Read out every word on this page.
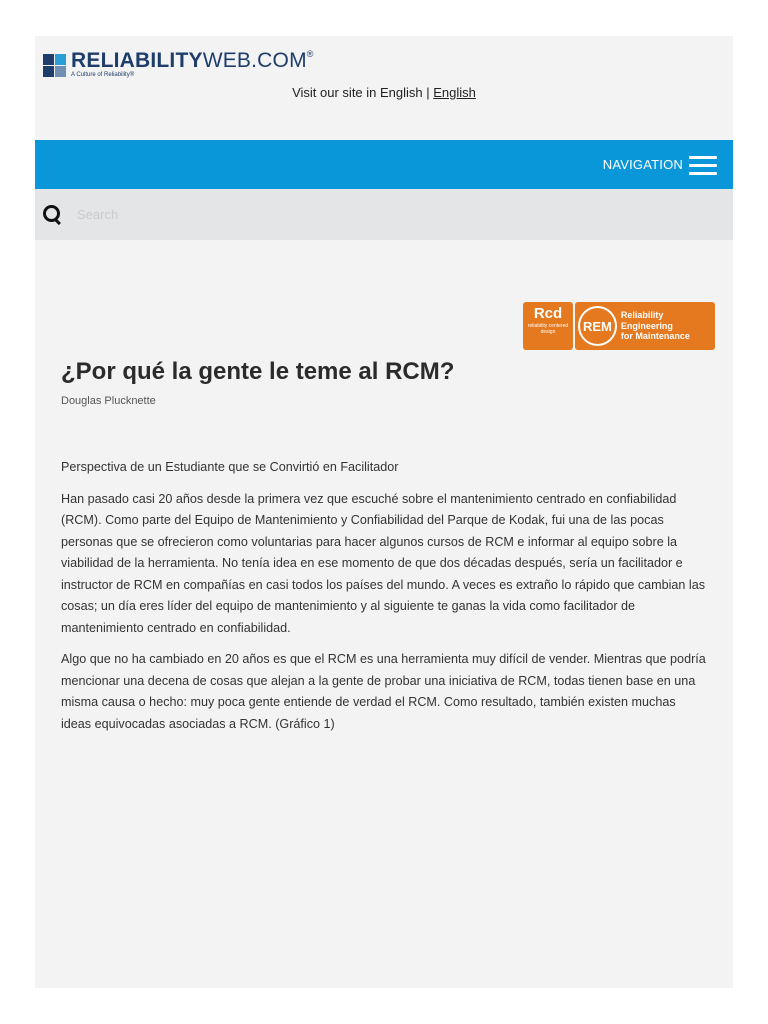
RELIABILITYWEB.COM®
A Culture of Reliability®
Visit our site in English | English
NAVIGATION
Search
Rcd
reliability centered design	REM
Reliability Engineering
for Maintenance
¿Por qué la gente le teme al RCM?
Douglas Plucknette

Perspectiva de un Estudiante que se Convirtió en Facilitador

Han pasado casi 20 años desde la primera vez que escuché sobre el mantenimiento centrado en confiabilidad (RCM). Como parte del Equipo de Mantenimiento y Confiabilidad del Parque de Kodak, fui una de las pocas personas que se ofrecieron como voluntarias para hacer algunos cursos de RCM e informar al equipo sobre la viabilidad de la herramienta. No tenía idea en ese momento de que dos décadas después, sería un facilitador e instructor de RCM en compañías en casi todos los países del mundo. A veces es extraño lo rápido que cambian las cosas; un día eres líder del equipo de mantenimiento y al siguiente te ganas la vida como facilitador de mantenimiento centrado en confiabilidad.

Algo que no ha cambiado en 20 años es que el RCM es una herramienta muy difícil de vender. Mientras que podría mencionar una decena de cosas que alejan a la gente de probar una iniciativa de RCM, todas tienen base en una misma causa o hecho: muy poca gente entiende de verdad el RCM. Como resultado, también existen muchas ideas equivocadas asociadas a RCM. (Gráfico 1)
